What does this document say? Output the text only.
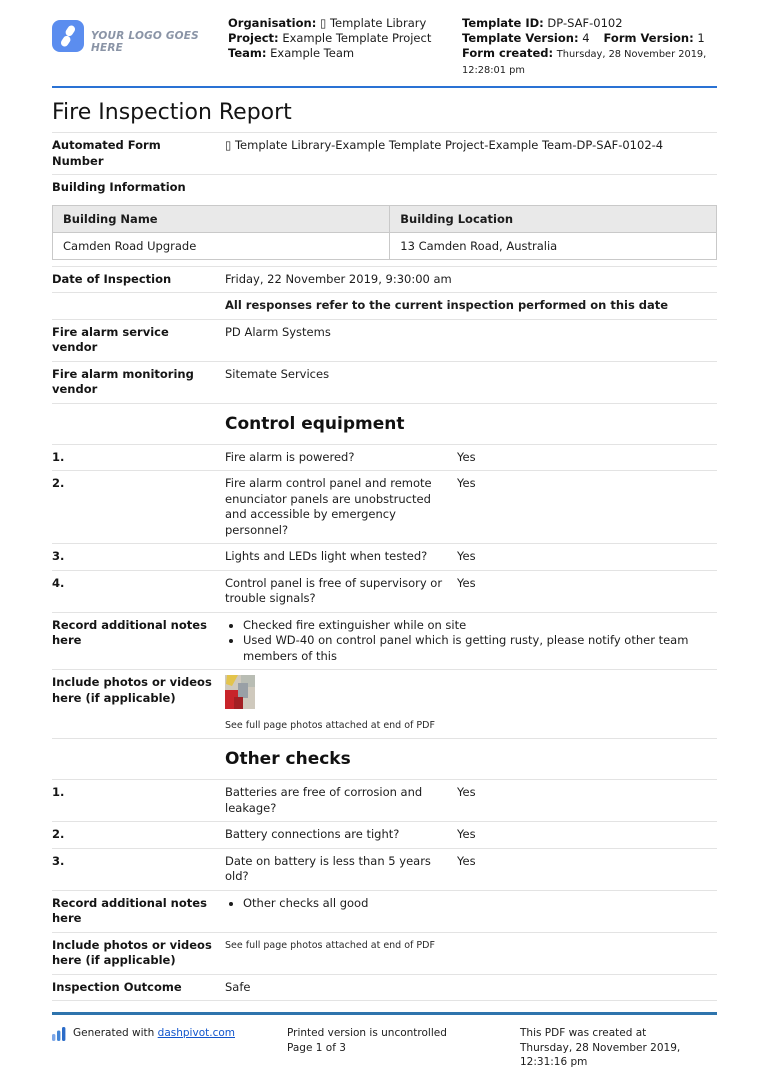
YOUR LOGO GOES HERE
Organisation: ▯ Template Library
Project: Example Template Project
Team: Example Team
Template ID: DP-SAF-0102
Template Version: 4 Form Version: 1
Form created: Thursday, 28 November 2019, 12:28:01 pm
Fire Inspection Report
Automated Form Number
▯ Template Library-Example Template Project-Example Team-DP-SAF-0102-4
Building Information
Building Name	Building Location
Camden Road Upgrade	13 Camden Road, Australia
Date of Inspection	Friday, 22 November 2019, 9:30:00 am
All responses refer to the current inspection performed on this date
Fire alarm service vendor
PD Alarm Systems
Fire alarm monitoring vendor
Sitemate Services
Control equipment
1.	Fire alarm is powered?	Yes
2.	Fire alarm control panel and remote enunciator panels are unobstructed and accessible by emergency personnel?
Yes
3.	Lights and LEDs light when tested?	Yes
4.	Control panel is free of supervisory or trouble signals?
Yes
Record additional notes here
• Checked fire extinguisher while on site
• Used WD-40 on control panel which is getting rusty, please notify other team members of this
Include photos or videos here (if applicable)
See full page photos attached at end of PDF
Other checks
1.	Batteries are free of corrosion and leakage?
Yes
2.	Battery connections are tight?	Yes
3.	Date on battery is less than 5 years old?
Yes
Record additional notes here
• Other checks all good
Include photos or videos here (if applicable)
See full page photos attached at end of PDF
Inspection Outcome	Safe
Generated with dashpivot.com	Printed version is uncontrolled
Page 1 of 3
This PDF was created at Thursday, 28 November 2019, 12:31:16 pm
